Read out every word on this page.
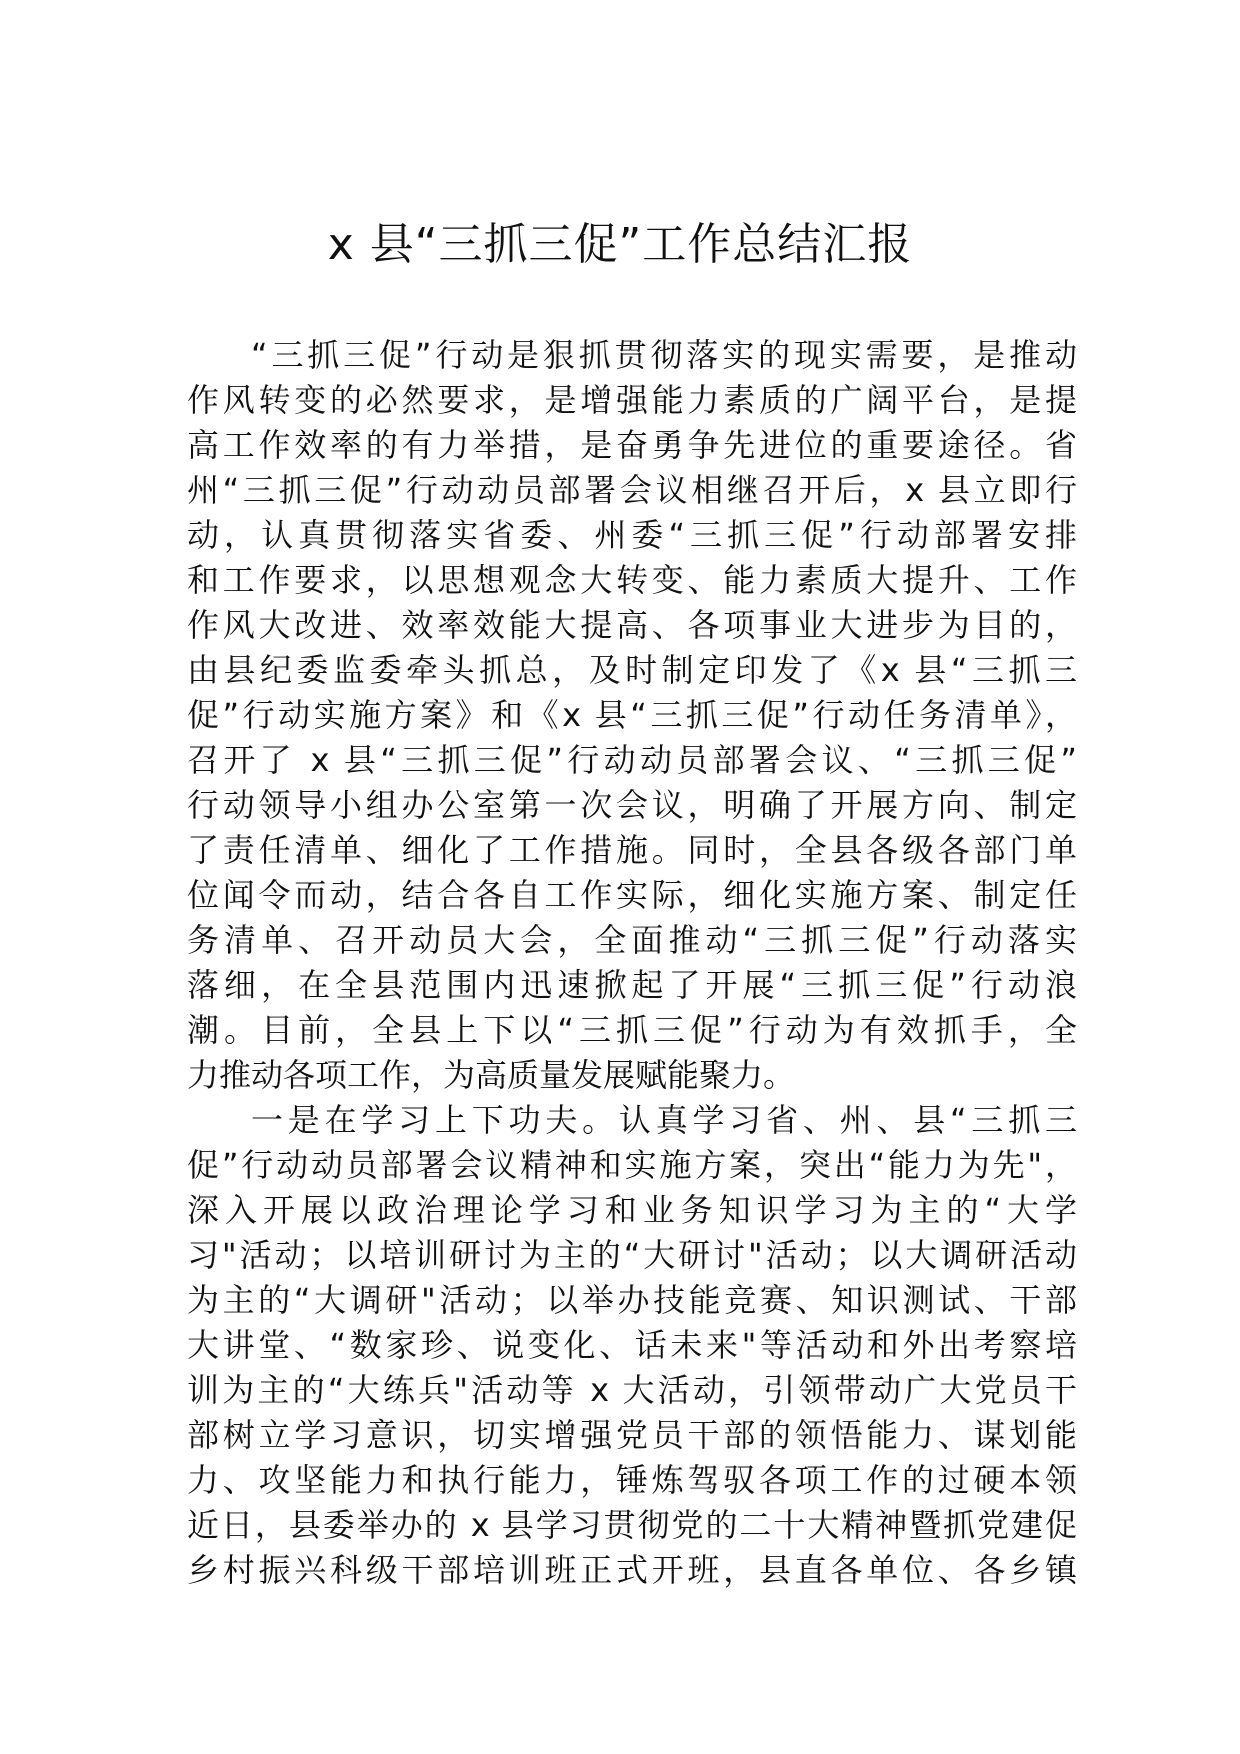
x 县“三抓三促”工作总结汇报
“三抓三促”行动是狠抓贯彻落实的现实需要，是推动
作风转变的必然要求，是增强能力素质的广阔平台，是提
高工作效率的有力举措，是奋勇争先进位的重要途径。省
州“三抓三促”行动动员部署会议相继召开后，x 县立即行
动，认真贯彻落实省委、州委“三抓三促”行动部署安排
和工作要求，以思想观念大转变、能力素质大提升、工作
作风大改进、效率效能大提高、各项事业大进步为目的，
由县纪委监委牵头抓总，及时制定印发了《x 县“三抓三
促”行动实施方案》和《x 县“三抓三促”行动任务清单》，
召开了 x 县“三抓三促”行动动员部署会议、“三抓三促”
行动领导小组办公室第一次会议，明确了开展方向、制定
了责任清单、细化了工作措施。同时，全县各级各部门单
位闻令而动，结合各自工作实际，细化实施方案、制定任
务清单、召开动员大会，全面推动“三抓三促”行动落实
落细，在全县范围内迅速掀起了开展“三抓三促”行动浪
潮。目前，全县上下以“三抓三促”行动为有效抓手，全
力推动各项工作，为高质量发展赋能聚力。
一是在学习上下功夫。认真学习省、州、县“三抓三
促”行动动员部署会议精神和实施方案，突出“能力为先"，
深入开展以政治理论学习和业务知识学习为主的“大学
习"活动；以培训研讨为主的“大研讨"活动；以大调研活动
为主的“大调研"活动；以举办技能竞赛、知识测试、干部
大讲堂、“数家珍、说变化、话未来"等活动和外出考察培
训为主的“大练兵"活动等 x 大活动，引领带动广大党员干
部树立学习意识，切实增强党员干部的领悟能力、谋划能
力、攻坚能力和执行能力，锤炼驾驭各项工作的过硬本领
近日，县委举办的 x 县学习贯彻党的二十大精神暨抓党建促
乡村振兴科级干部培训班正式开班，县直各单位、各乡镇
